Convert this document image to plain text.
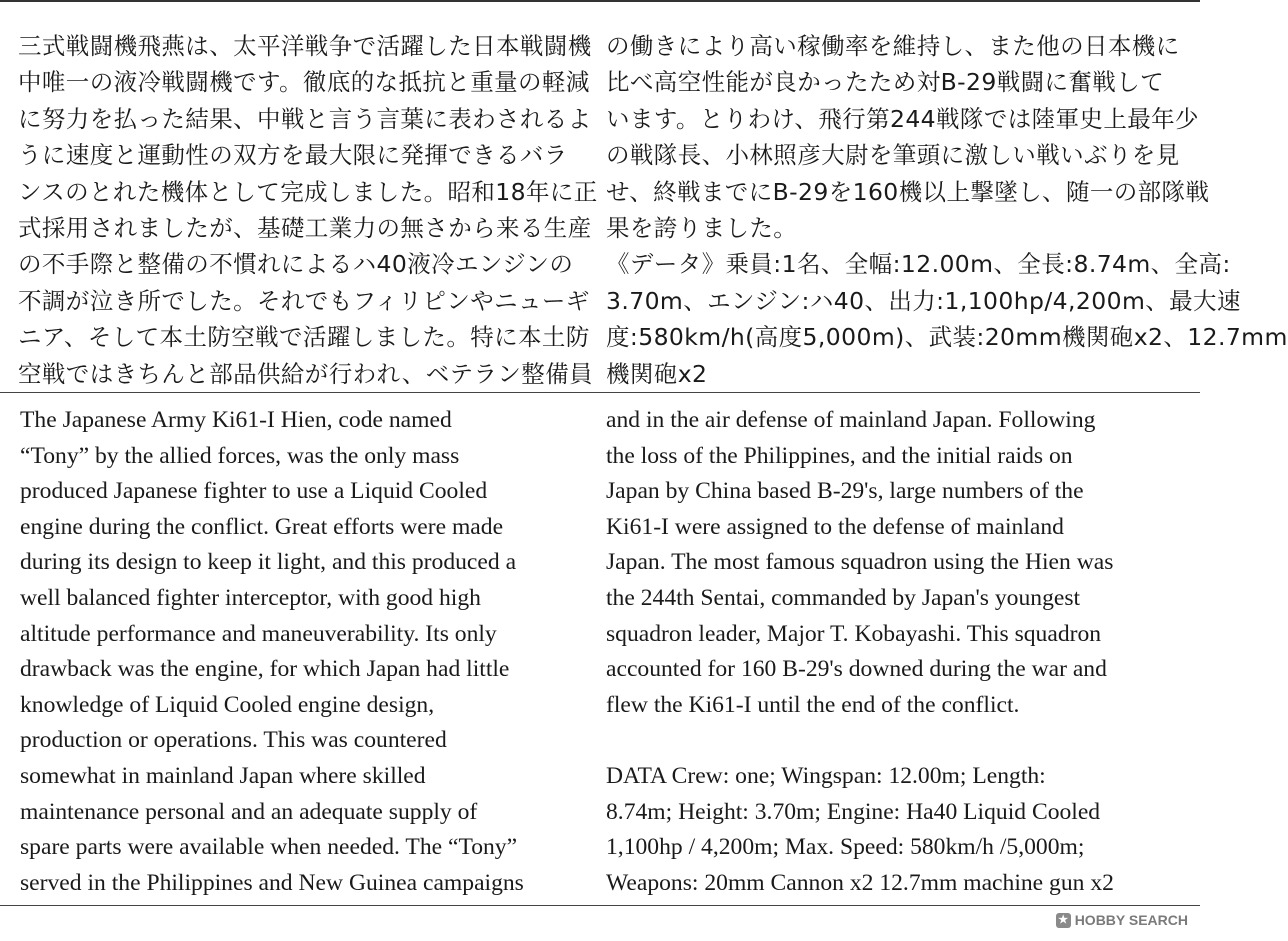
三式戦闘機飛燕は、太平洋戦争で活躍した日本戦闘機
中唯一の液冷戦闘機です。徹底的な抵抗と重量の軽減
に努力を払った結果、中戦と言う言葉に表わされるよ
うに速度と運動性の双方を最大限に発揮できるバラ
ンスのとれた機体として完成しました。昭和18年に正
式採用されましたが、基礎工業力の無さから来る生産
の不手際と整備の不慣れによるハ40液冷エンジンの
不調が泣き所でした。それでもフィリピンやニューギ
ニア、そして本土防空戦で活躍しました。特に本土防
空戦ではきちんと部品供給が行われ、ベテラン整備員
の働きにより高い稼働率を維持し、また他の日本機に
比べ高空性能が良かったため対B-29戦闘に奮戦して
います。とりわけ、飛行第244戦隊では陸軍史上最年少
の戦隊長、小林照彦大尉を筆頭に激しい戦いぶりを見
せ、終戦までにB-29を160機以上撃墜し、随一の部隊戦
果を誇りました。
《データ》乗員:1名、全幅:12.00m、全長:8.74m、全高:
3.70m、エンジン:ハ40、出力:1,100hp/4,200m、最大速
度:580km/h(高度5,000m)、武装:20mm機関砲x2、12.7mm
機関砲x2
The Japanese Army Ki61-I Hien, code named
“Tony” by the allied forces, was the only mass
produced Japanese fighter to use a Liquid Cooled
engine during the conflict. Great efforts were made
during its design to keep it light, and this produced a
well balanced fighter interceptor, with good high
altitude performance and maneuverability. Its only
drawback was the engine, for which Japan had little
knowledge of Liquid Cooled engine design,
production or operations. This was countered
somewhat in mainland Japan where skilled
maintenance personal and an adequate supply of
spare parts were available when needed. The “Tony”
served in the Philippines and New Guinea campaigns
and in the air defense of mainland Japan. Following
the loss of the Philippines, and the initial raids on
Japan by China based B-29's, large numbers of the
Ki61-I were assigned to the defense of mainland
Japan. The most famous squadron using the Hien was
the 244th Sentai, commanded by Japan's youngest
squadron leader, Major T. Kobayashi. This squadron
accounted for 160 B-29's downed during the war and
flew the Ki61-I until the end of the conflict.
DATA Crew: one; Wingspan: 12.00m; Length:
8.74m; Height: 3.70m; Engine: Ha40 Liquid Cooled
1,100hp / 4,200m; Max. Speed: 580km/h /5,000m;
Weapons: 20mm Cannon x2 12.7mm machine gun x2
★ HOBBY SEARCH
